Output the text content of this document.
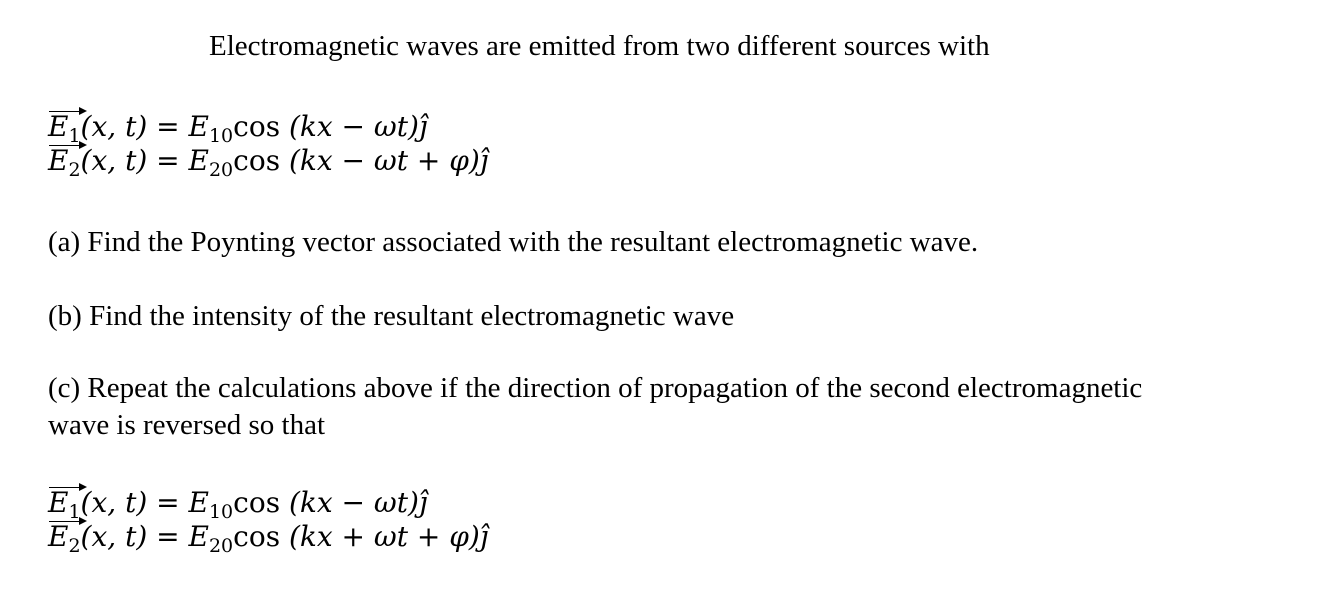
Electromagnetic waves are emitted from two different sources with
$E_1(x$, $t) = E_{10}\cos$ (kx − ωt)ĵ
$E_2(x$, $t) = E_{20}\cos$ (kx − ωt + φ)ĵ
(a) Find the Poynting vector associated with the resultant electromagnetic wave.
(b) Find the intensity of the resultant electromagnetic wave
(c) Repeat the calculations above if the direction of propagation of the second electromagnetic
wave is reversed so that
$E_1(x$, $t) = E_{10}\cos$ (kx − ωt)ĵ
$E_2(x$, $t) = E_{20}\cos$ (kx + ωt + φ)ĵ
